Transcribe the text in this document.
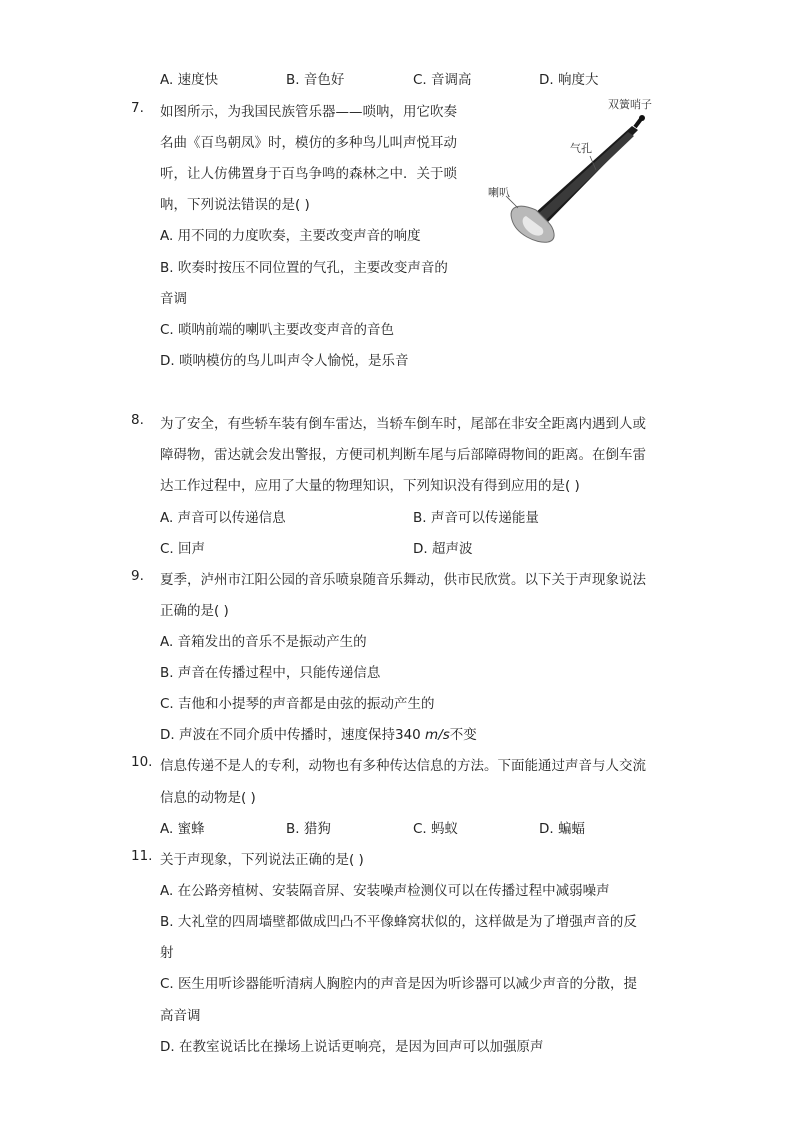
A. 速度快	B. 音色好	C. 音调高	D. 响度大
7. 如图所示，为我国民族管乐器——唢呐，用它吹奏
名曲《百鸟朝凤》时，模仿的多种鸟儿叫声悦耳动
听，让人仿佛置身于百鸟争鸣的森林之中．关于唢
呐，下列说法错误的是( )
A. 用不同的力度吹奏，主要改变声音的响度
B. 吹奏时按压不同位置的气孔，主要改变声音的
音调
C. 唢呐前端的喇叭主要改变声音的音色
D. 唢呐模仿的鸟儿叫声令人愉悦，是乐音
双簧哨子
气孔
喇叭
8. 为了安全，有些轿车装有倒车雷达，当轿车倒车时，尾部在非安全距离内遇到人或
障碍物，雷达就会发出警报，方便司机判断车尾与后部障碍物间的距离。在倒车雷
达工作过程中，应用了大量的物理知识，下列知识没有得到应用的是( )
A. 声音可以传递信息	B. 声音可以传递能量
C. 回声	D. 超声波
9. 夏季，泸州市江阳公园的音乐喷泉随音乐舞动，供市民欣赏。以下关于声现象说法
正确的是( )
A. 音箱发出的音乐不是振动产生的
B. 声音在传播过程中，只能传递信息
C. 吉他和小提琴的声音都是由弦的振动产生的
D. 声波在不同介质中传播时，速度保持340 m/s不变
10. 信息传递不是人的专利，动物也有多种传达信息的方法。下面能通过声音与人交流
信息的动物是( )
A. 蜜蜂	B. 猎狗	C. 蚂蚁	D. 蝙蝠
11. 关于声现象，下列说法正确的是( )
A. 在公路旁植树、安装隔音屏、安装噪声检测仪可以在传播过程中减弱噪声
B. 大礼堂的四周墙壁都做成凹凸不平像蜂窝状似的，这样做是为了增强声音的反
射
C. 医生用听诊器能听清病人胸腔内的声音是因为听诊器可以减少声音的分散，提
高音调
D. 在教室说话比在操场上说话更响亮，是因为回声可以加强原声
